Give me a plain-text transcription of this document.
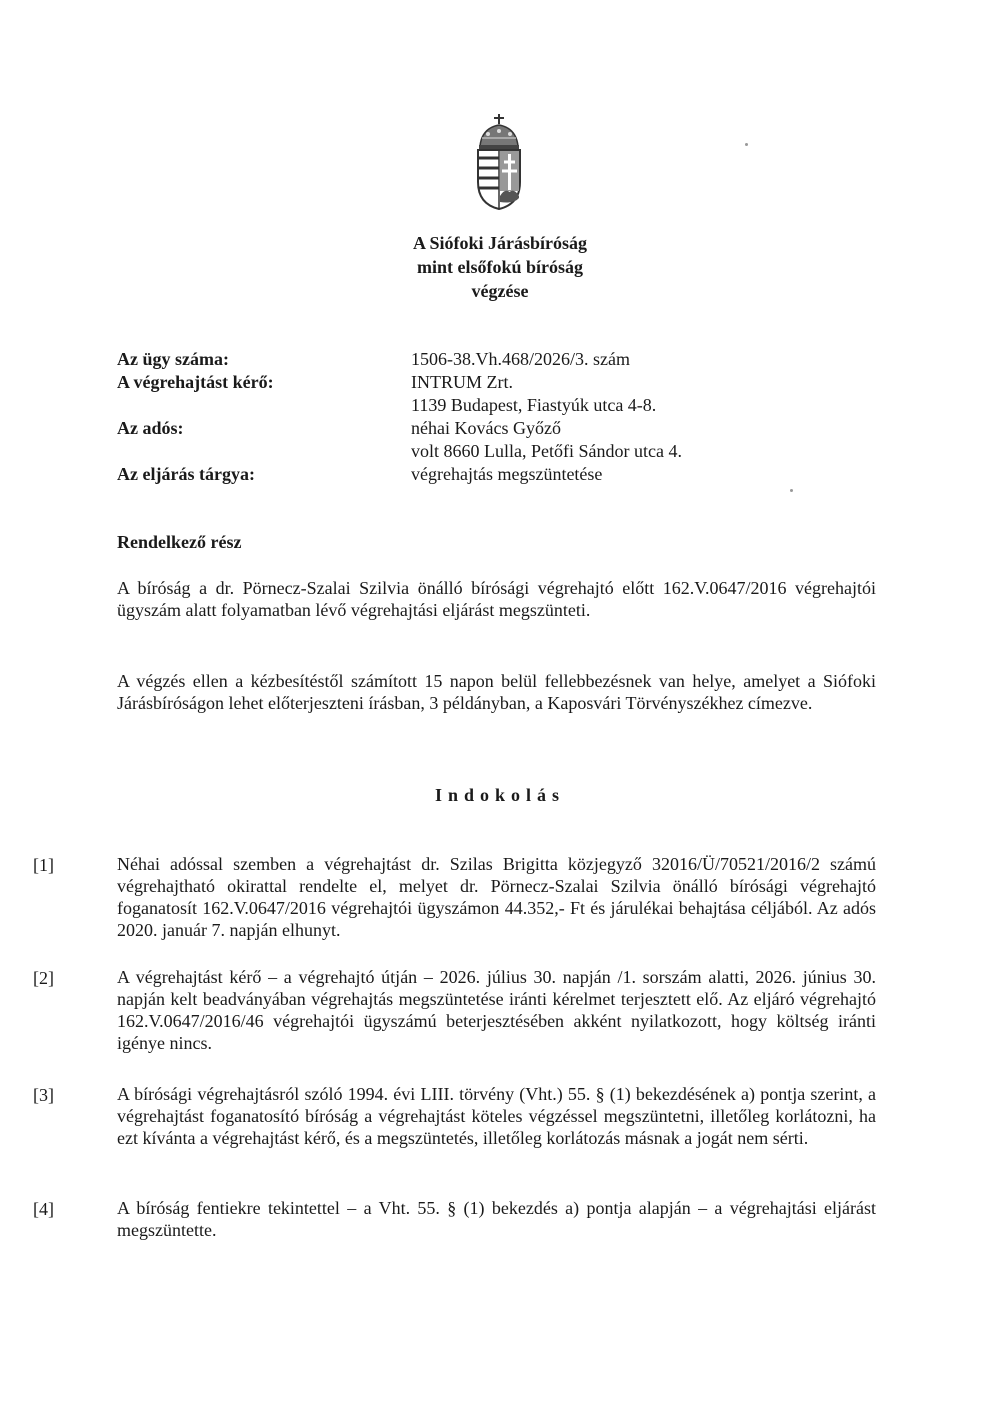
A Siófoki Járásbíróság
mint elsőfokú bíróság
végzése
Az ügy száma:	1506-38.Vh.468/2026/3. szám
A végrehajtást kérő:	INTRUM Zrt.
1139 Budapest, Fiastyúk utca 4-8.
Az adós:	néhai Kovács Győző
volt 8660 Lulla, Petőfi Sándor utca 4.
Az eljárás tárgya:	végrehajtás megszüntetése
Rendelkező rész

A bíróság a dr. Pörnecz-Szalai Szilvia önálló bírósági végrehajtó előtt 162.V.0647/2016 végrehajtói ügyszám alatt folyamatban lévő végrehajtási eljárást megszünteti.

A végzés ellen a kézbesítéstől számított 15 napon belül fellebbezésnek van helye, amelyet a Siófoki Járásbíróságon lehet előterjeszteni írásban, 3 példányban, a Kaposvári Törvényszékhez címezve.

Indokolás
[1]	Néhai adóssal szemben a végrehajtást dr. Szilas Brigitta közjegyző 32016/Ü/70521/2016/2 számú végrehajtható okirattal rendelte el, melyet dr. Pörnecz-Szalai Szilvia önálló bírósági végrehajtó foganatosít 162.V.0647/2016 végrehajtói ügyszámon 44.352,- Ft és járulékai behajtása céljából. Az adós 2020. január 7. napján elhunyt.

[2]	A végrehajtást kérő – a végrehajtó útján – 2026. július 30. napján /1. sorszám alatti, 2026. június 30. napján kelt beadványában végrehajtás megszüntetése iránti kérelmet terjesztett elő. Az eljáró végrehajtó 162.V.0647/2016/46 végrehajtói ügyszámú beterjesztésében akként nyilatkozott, hogy költség iránti igénye nincs.

[3]	A bírósági végrehajtásról szóló 1994. évi LIII. törvény (Vht.) 55. § (1) bekezdésének a) pontja szerint, a végrehajtást foganatosító bíróság a végrehajtást köteles végzéssel megszüntetni, illetőleg korlátozni, ha ezt kívánta a végrehajtást kérő, és a megszüntetés, illetőleg korlátozás másnak a jogát nem sérti.

[4]	A bíróság fentiekre tekintettel – a Vht. 55. § (1) bekezdés a) pontja alapján – a végrehajtási eljárást megszüntette.
